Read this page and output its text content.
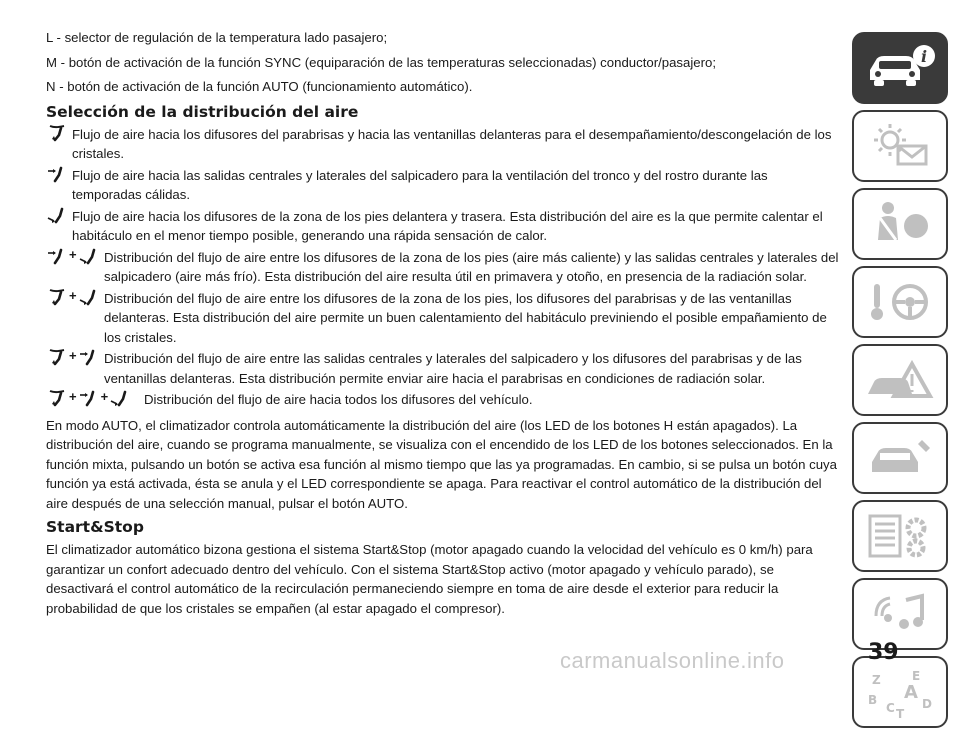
L - selector de regulación de la temperatura lado pasajero;

M - botón de activación de la función SYNC (equiparación de las temperaturas seleccionadas) conductor/pasajero;

N - botón de activación de la función AUTO (funcionamiento automático).

Selección de la distribución del aire
Flujo de aire hacia los difusores del parabrisas y hacia las ventanillas delanteras para el desempañamiento/descongelación de los cristales.
Flujo de aire hacia las salidas centrales y laterales del salpicadero para la ventilación del tronco y del rostro durante las temporadas cálidas.
Flujo de aire hacia los difusores de la zona de los pies delantera y trasera. Esta distribución del aire es la que permite calentar el habitáculo en el menor tiempo posible, generando una rápida sensación de calor.
+	Distribución del flujo de aire entre los difusores de la zona de los pies (aire más caliente) y las salidas centrales y laterales del salpicadero (aire más frío). Esta distribución del aire resulta útil en primavera y otoño, en presencia de la radiación solar.
+	Distribución del flujo de aire entre los difusores de la zona de los pies, los difusores del parabrisas y de las ventanillas delanteras. Esta distribución del aire permite un buen calentamiento del habitáculo previniendo el posible empañamiento de los cristales.
+	Distribución del flujo de aire entre las salidas centrales y laterales del salpicadero y los difusores del parabrisas y de las ventanillas delanteras. Esta distribución permite enviar aire hacia el parabrisas en condiciones de radiación solar.
+ +	Distribución del flujo de aire hacia todos los difusores del vehículo.

En modo AUTO, el climatizador controla automáticamente la distribución del aire (los LED de los botones H están apagados). La distribución del aire, cuando se programa manualmente, se visualiza con el encendido de los LED de los botones seleccionados. En la función mixta, pulsando un botón se activa esa función al mismo tiempo que las ya programadas. En cambio, si se pulsa un botón cuya función ya está activada, ésta se anula y el LED correspondiente se apaga. Para reactivar el control automático de la distribución del aire después de una selección manual, pulsar el botón AUTO.

Start&Stop

El climatizador automático bizona gestiona el sistema Start&Stop (motor apagado cuando la velocidad del vehículo es 0 km/h) para garantizar un confort adecuado dentro del vehículo. Con el sistema Start&Stop activo (motor apagado y vehículo parado), se desactivará el control automático de la recirculación permaneciendo siempre en toma de aire desde el exterior para reducir la probabilidad de que los cristales se empañen (al estar apagado el compresor).

i
Z	E
B A
C D
T
39
carmanualsonline.info
